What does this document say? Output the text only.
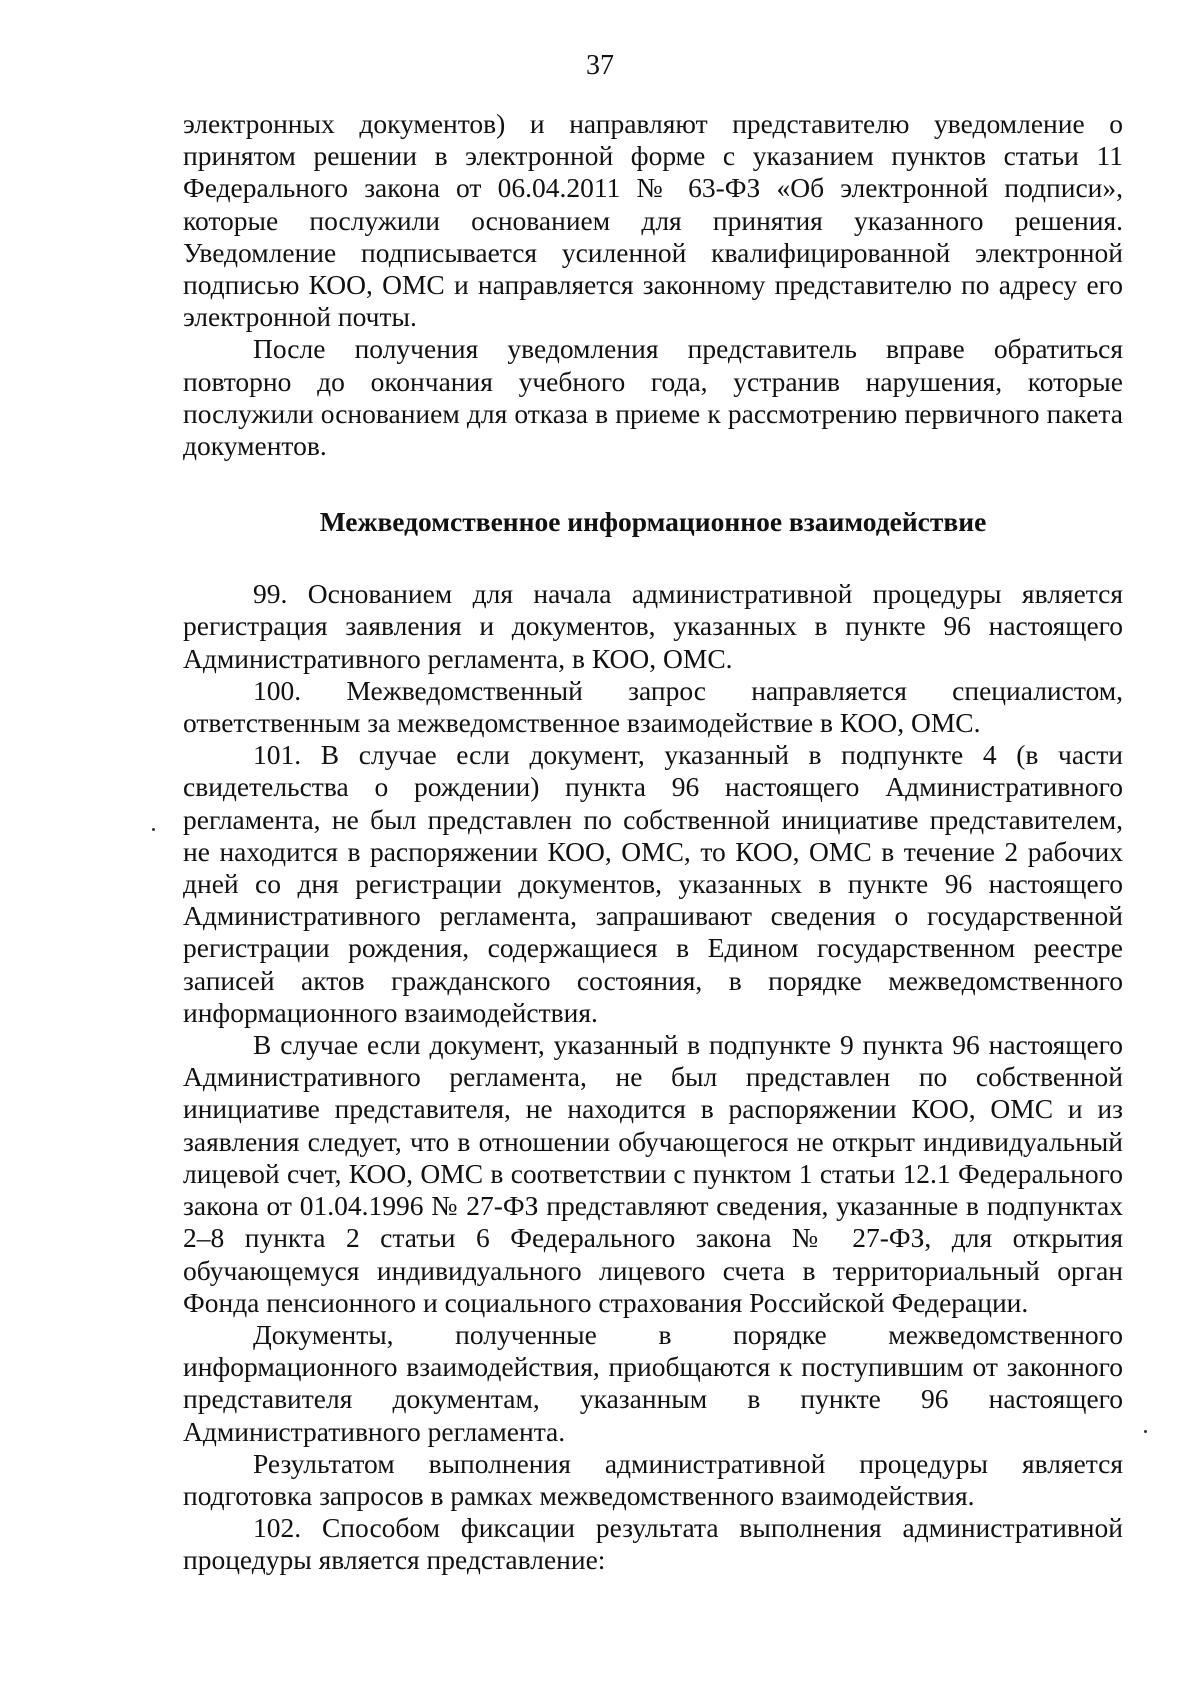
37

электронных документов) и направляют представителю уведомление о принятом решении в электронной форме с указанием пунктов статьи 11 Федерального закона от 06.04.2011 № 63-ФЗ «Об электронной подписи», которые послужили основанием для принятия указанного решения. Уведомление подписывается усиленной квалифицированной электронной подписью КОО, ОМС и направляется законному представителю по адресу его электронной почты.

После получения уведомления представитель вправе обратиться повторно до окончания учебного года, устранив нарушения, которые послужили основанием для отказа в приеме к рассмотрению первичного пакета документов.

Межведомственное информационное взаимодействие

99. Основанием для начала административной процедуры является регистрация заявления и документов, указанных в пункте 96 настоящего Административного регламента, в КОО, ОМС.

100. Межведомственный запрос направляется специалистом, ответственным за межведомственное взаимодействие в КОО, ОМС.

101. В случае если документ, указанный в подпункте 4 (в части свидетельства о рождении) пункта 96 настоящего Административного регламента, не был представлен по собственной инициативе представителем, не находится в распоряжении КОО, ОМС, то КОО, ОМС в течение 2 рабочих дней со дня регистрации документов, указанных в пункте 96 настоящего Административного регламента, запрашивают сведения о государственной регистрации рождения, содержащиеся в Едином государственном реестре записей актов гражданского состояния, в порядке межведомственного информационного взаимодействия.

В случае если документ, указанный в подпункте 9 пункта 96 настоящего Административного регламента, не был представлен по собственной инициативе представителя, не находится в распоряжении КОО, ОМС и из заявления следует, что в отношении обучающегося не открыт индивидуальный лицевой счет, КОО, ОМС в соответствии с пунктом 1 статьи 12.1 Федерального закона от 01.04.1996 № 27-ФЗ представляют сведения, указанные в подпунктах 2–8 пункта 2 статьи 6 Федерального закона № 27-ФЗ, для открытия обучающемуся индивидуального лицевого счета в территориальный орган Фонда пенсионного и социального страхования Российской Федерации.

Документы, полученные в порядке межведомственного информационного взаимодействия, приобщаются к поступившим от законного представителя документам, указанным в пункте 96 настоящего Административного регламента.

Результатом выполнения административной процедуры является подготовка запросов в рамках межведомственного взаимодействия.

102. Способом фиксации результата выполнения административной процедуры является представление:
